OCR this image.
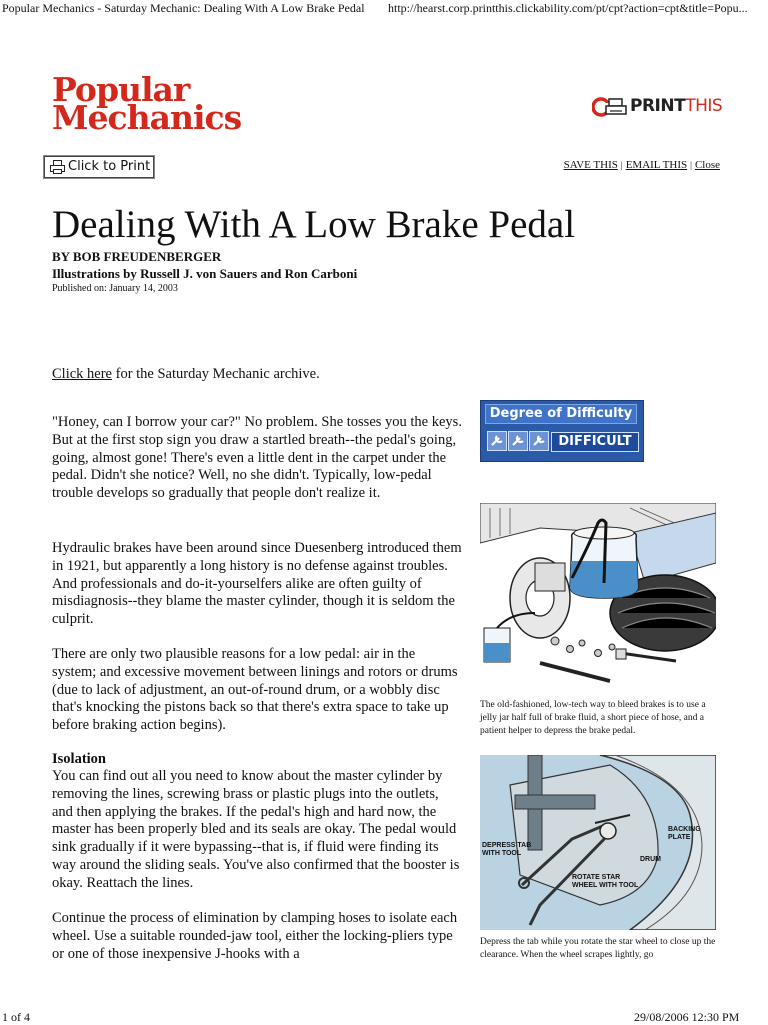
Popular Mechanics - Saturday Mechanic: Dealing With A Low Brake Pedal http://hearst.corp.printthis.clickability.com/pt/cpt?action=cpt&title=Popu...
Popular
Mechanics	PRINTTHIS
Click to Print	SAVE THIS | EMAIL THIS | Close
Dealing With A Low Brake Pedal
BY BOB FREUDENBERGER
Illustrations by Russell J. von Sauers and Ron Carboni
Published on: January 14, 2003
Click here for the Saturday Mechanic archive.

"Honey, can I borrow your car?" No problem. She tosses you the keys. But at the first stop sign you draw a startled breath--the pedal's going, going, almost gone! There's even a little dent in the carpet under the pedal. Didn't she notice? Well, no she didn't. Typically, low-pedal trouble develops so gradually that people don't realize it.

Hydraulic brakes have been around since Duesenberg introduced them in 1921, but apparently a long history is no defense against troubles. And professionals and do-it-yourselfers alike are often guilty of misdiagnosis--they blame the master cylinder, though it is seldom the culprit.

There are only two plausible reasons for a low pedal: air in the system; and excessive movement between linings and rotors or drums (due to lack of adjustment, an out-of-round drum, or a wobbly disc that's knocking the pistons back so that there's extra space to take up before braking action begins).

Isolation

You can find out all you need to know about the master cylinder by removing the lines, screwing brass or plastic plugs into the outlets, and then applying the brakes. If the pedal's high and hard now, the master has been properly bled and its seals are okay. The pedal would sink gradually if it were bypassing--that is, if fluid were finding its way around the sliding seals. You've also confirmed that the booster is okay. Reattach the lines.

Continue the process of elimination by clamping hoses to isolate each wheel. Use a suitable rounded-jaw tool, either the locking-pliers type or one of those inexpensive J-hooks with a

Degree of Difficulty
DIFFICULT
The old-fashioned, low-tech way to bleed brakes is to use a jelly jar half full of brake fluid, a short piece of hose, and a patient helper to depress the brake pedal.
DEPRESS TAB WITH TOOL
BACKING PLATE
DRUM
ROTATE STAR WHEEL WITH TOOL
Depress the tab while you rotate the star wheel to close up the clearance. When the wheel scrapes lightly, go
1 of 4	29/08/2006 12:30 PM
